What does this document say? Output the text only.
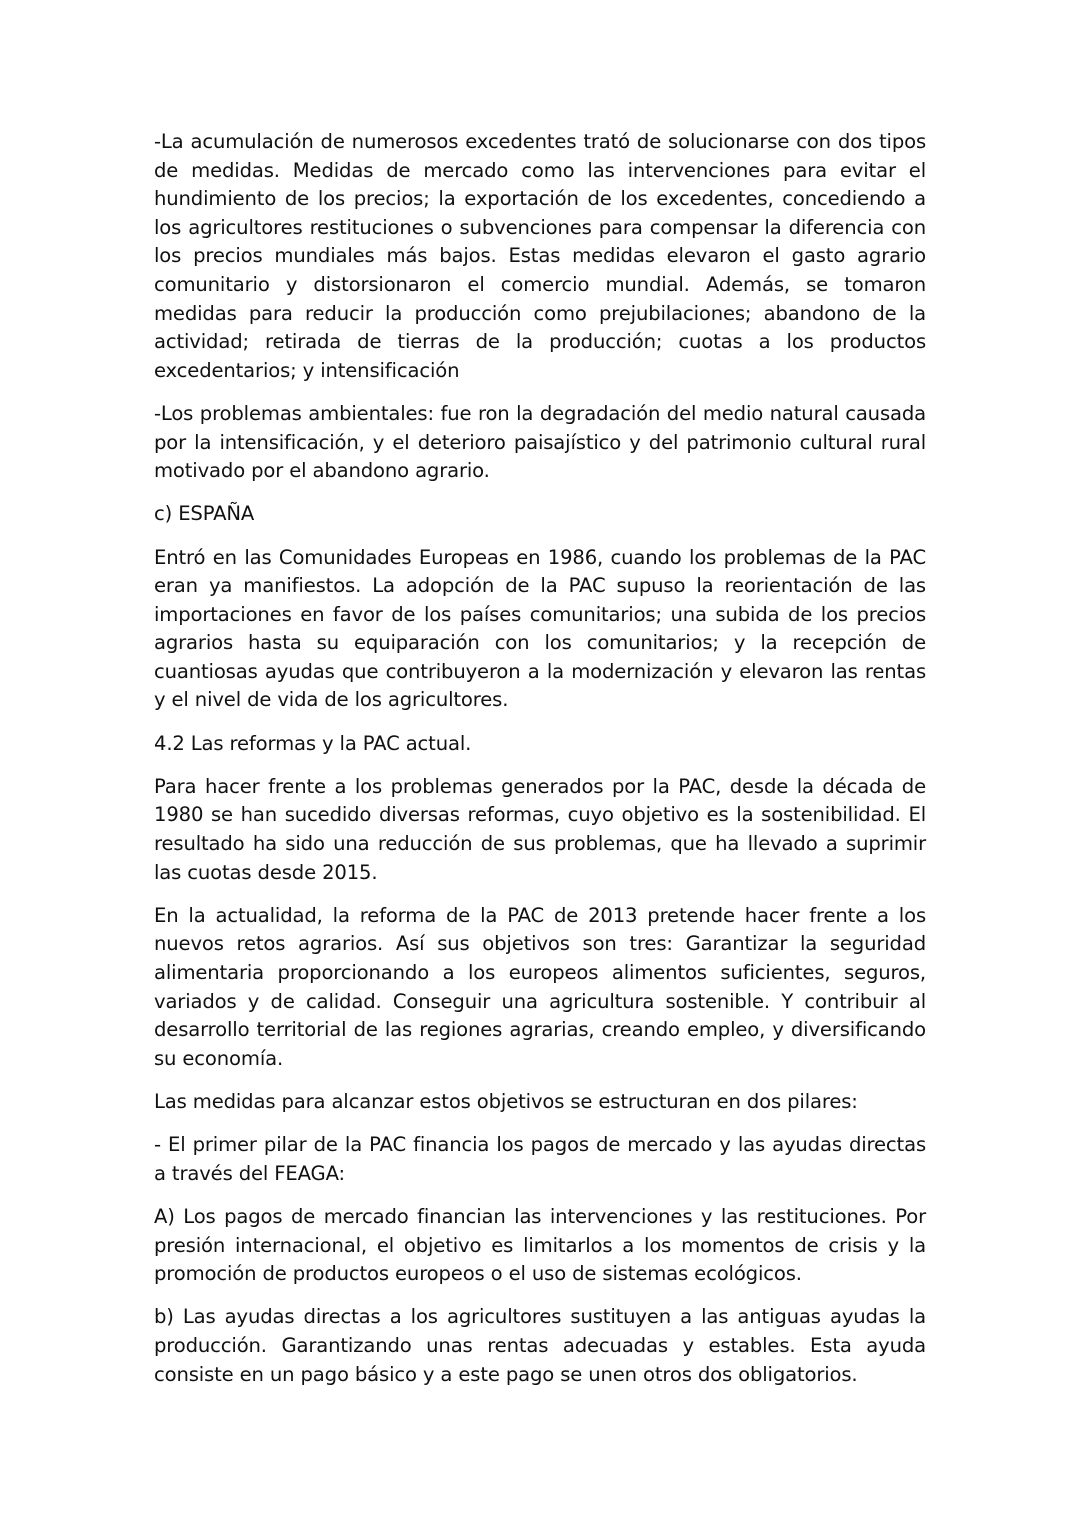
-La acumulación de numerosos excedentes trató de solucionarse con dos tipos de medidas. Medidas de mercado como las intervenciones para evitar el hundimiento de los precios; la exportación de los excedentes, concediendo a los agricultores restituciones o subvenciones para compensar la diferencia con los precios mundiales más bajos. Estas medidas elevaron el gasto agrario comunitario y distorsionaron el comercio mundial. Además, se tomaron medidas para reducir la producción como prejubilaciones; abandono de la actividad; retirada de tierras de la producción; cuotas a los productos excedentarios; y intensificación

-Los problemas ambientales: fue ron la degradación del medio natural causada por la intensificación, y el deterioro paisajístico y del patrimonio cultural rural motivado por el abandono agrario.

c) ESPAÑA

Entró en las Comunidades Europeas en 1986, cuando los problemas de la PAC eran ya manifiestos. La adopción de la PAC supuso la reorientación de las importaciones en favor de los países comunitarios; una subida de los precios agrarios hasta su equiparación con los comunitarios; y la recepción de cuantiosas ayudas que contribuyeron a la modernización y elevaron las rentas y el nivel de vida de los agricultores.

4.2 Las reformas y la PAC actual.

Para hacer frente a los problemas generados por la PAC, desde la década de 1980 se han sucedido diversas reformas, cuyo objetivo es la sostenibilidad. El resultado ha sido una reducción de sus problemas, que ha llevado a suprimir las cuotas desde 2015.

En la actualidad, la reforma de la PAC de 2013 pretende hacer frente a los nuevos retos agrarios. Así sus objetivos son tres: Garantizar la seguridad alimentaria proporcionando a los europeos alimentos suficientes, seguros, variados y de calidad. Conseguir una agricultura sostenible. Y contribuir al desarrollo territorial de las regiones agrarias, creando empleo, y diversificando su economía.

Las medidas para alcanzar estos objetivos se estructuran en dos pilares:

- El primer pilar de la PAC financia los pagos de mercado y las ayudas directas a través del FEAGA:

A) Los pagos de mercado financian las intervenciones y las restituciones. Por presión internacional, el objetivo es limitarlos a los momentos de crisis y la promoción de productos europeos o el uso de sistemas ecológicos.

b) Las ayudas directas a los agricultores sustituyen a las antiguas ayudas la producción. Garantizando unas rentas adecuadas y estables. Esta ayuda consiste en un pago básico y a este pago se unen otros dos obligatorios.
